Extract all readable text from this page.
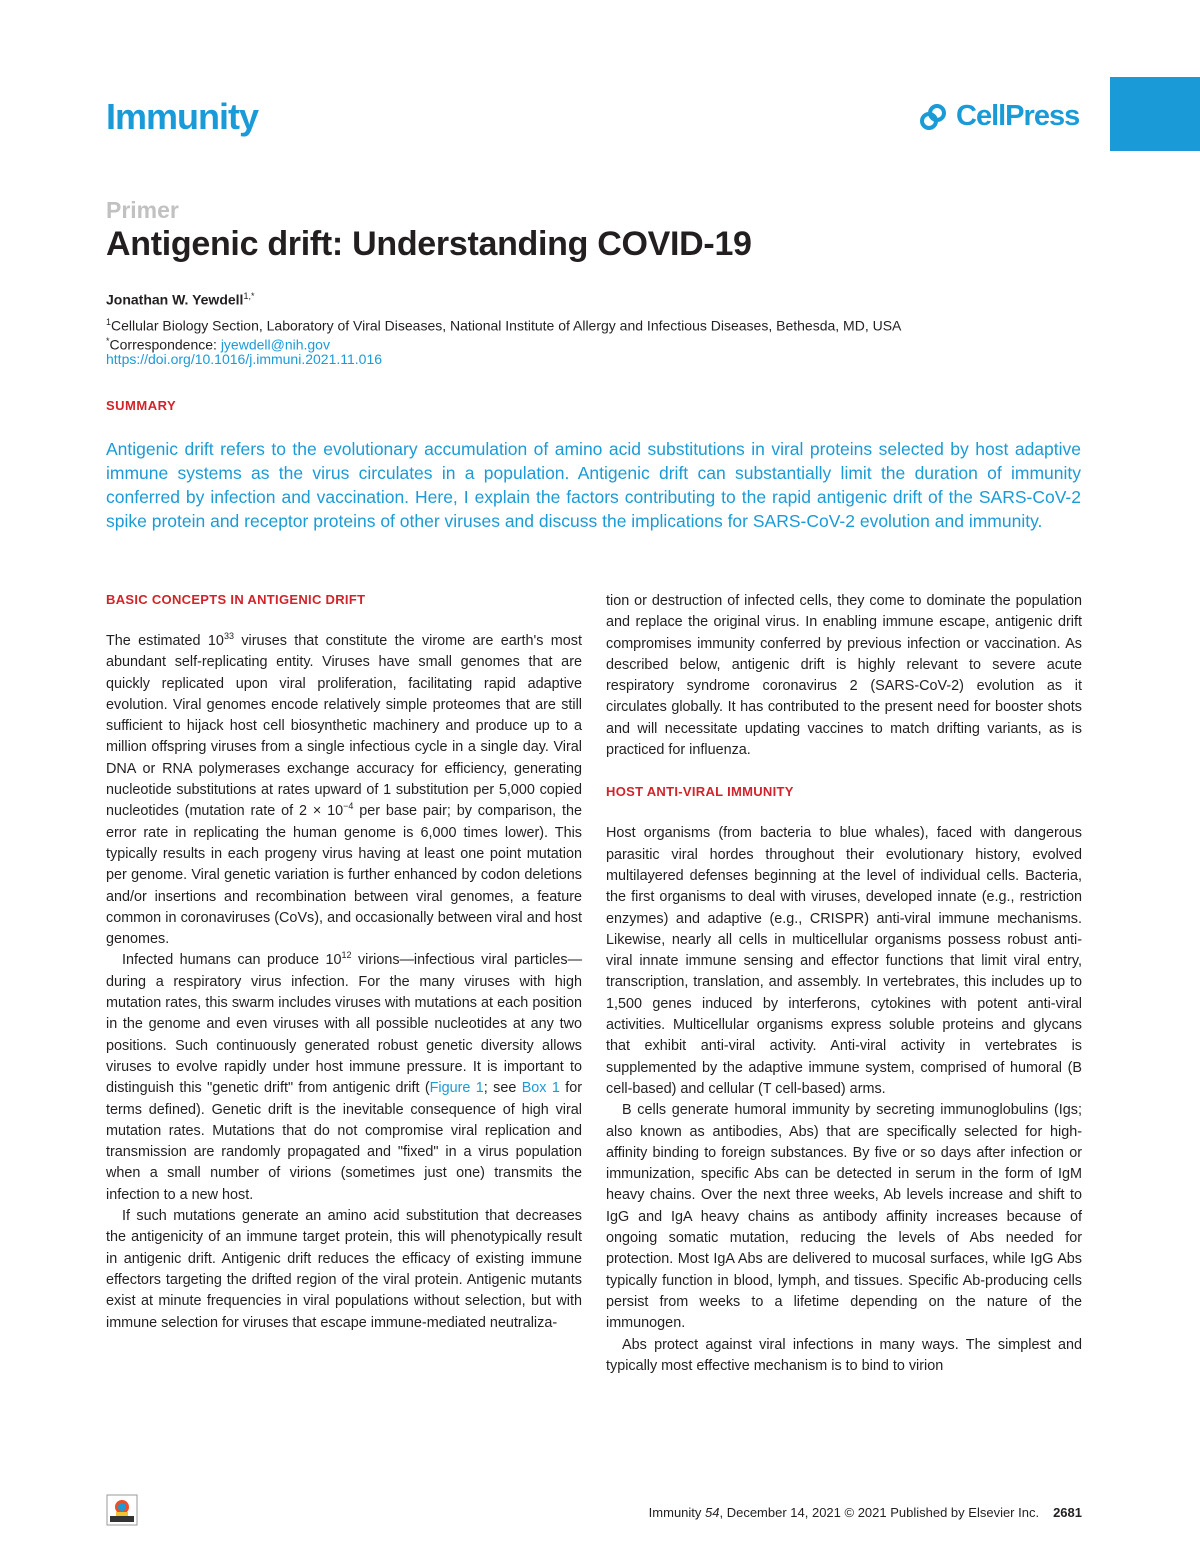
Immunity	CellPress
Primer
Antigenic drift: Understanding COVID-19
Jonathan W. Yewdell$^{1,*}$
$^1$Cellular Biology Section, Laboratory of Viral Diseases, National Institute of Allergy and Infectious Diseases, Bethesda, MD, USA
*Correspondence: jyewdell@nih.gov
https://doi.org/10.1016/j.immuni.2021.11.016
SUMMARY
Antigenic drift refers to the evolutionary accumulation of amino acid substitutions in viral proteins selected by host adaptive immune systems as the virus circulates in a population. Antigenic drift can substantially limit the duration of immunity conferred by infection and vaccination. Here, I explain the factors contributing to the rapid antigenic drift of the SARS-CoV-2 spike protein and receptor proteins of other viruses and discuss the implications for SARS-CoV-2 evolution and immunity.
BASIC CONCEPTS IN ANTIGENIC DRIFT

The estimated $10^{33}$ viruses that constitute the virome are earth's most abundant self-replicating entity. Viruses have small genomes that are quickly replicated upon viral proliferation, facilitating rapid adaptive evolution. Viral genomes encode relatively simple proteomes that are still sufficient to hijack host cell biosynthetic machinery and produce up to a million offspring viruses from a single infectious cycle in a single day. Viral DNA or RNA polymerases exchange accuracy for efficiency, generating nucleotide substitutions at rates upward of 1 substitution per 5,000 copied nucleotides (mutation rate of $2 \times 10^{-4}$ per base pair; by comparison, the error rate in replicating the human genome is 6,000 times lower). This typically results in each progeny virus having at least one point mutation per genome. Viral genetic variation is further enhanced by codon deletions and/or insertions and recombination between viral genomes, a feature common in coronaviruses (CoVs), and occasionally between viral and host genomes.

Infected humans can produce $10^{12}$ virions—infectious viral particles—during a respiratory virus infection. For the many viruses with high mutation rates, this swarm includes viruses with mutations at each position in the genome and even viruses with all possible nucleotides at any two positions. Such continuously generated robust genetic diversity allows viruses to evolve rapidly under host immune pressure. It is important to distinguish this "genetic drift" from antigenic drift (Figure 1; see Box 1 for terms defined). Genetic drift is the inevitable consequence of high viral mutation rates. Mutations that do not compromise viral replication and transmission are randomly propagated and "fixed" in a virus population when a small number of virions (sometimes just one) transmits the infection to a new host.

If such mutations generate an amino acid substitution that decreases the antigenicity of an immune target protein, this will phenotypically result in antigenic drift. Antigenic drift reduces the efficacy of existing immune effectors targeting the drifted region of the viral protein. Antigenic mutants exist at minute frequencies in viral populations without selection, but with immune selection for viruses that escape immune-mediated neutraliza-

tion or destruction of infected cells, they come to dominate the population and replace the original virus. In enabling immune escape, antigenic drift compromises immunity conferred by previous infection or vaccination. As described below, antigenic drift is highly relevant to severe acute respiratory syndrome coronavirus 2 (SARS-CoV-2) evolution as it circulates globally. It has contributed to the present need for booster shots and will necessitate updating vaccines to match drifting variants, as is practiced for influenza.

HOST ANTI-VIRAL IMMUNITY

Host organisms (from bacteria to blue whales), faced with dangerous parasitic viral hordes throughout their evolutionary history, evolved multilayered defenses beginning at the level of individual cells. Bacteria, the first organisms to deal with viruses, developed innate (e.g., restriction enzymes) and adaptive (e.g., CRISPR) anti-viral immune mechanisms. Likewise, nearly all cells in multicellular organisms possess robust anti-viral innate immune sensing and effector functions that limit viral entry, transcription, translation, and assembly. In vertebrates, this includes up to 1,500 genes induced by interferons, cytokines with potent anti-viral activities. Multicellular organisms express soluble proteins and glycans that exhibit anti-viral activity. Anti-viral activity in vertebrates is supplemented by the adaptive immune system, comprised of humoral (B cell-based) and cellular (T cell-based) arms.

B cells generate humoral immunity by secreting immunoglobulins (Igs; also known as antibodies, Abs) that are specifically selected for high-affinity binding to foreign substances. By five or so days after infection or immunization, specific Abs can be detected in serum in the form of IgM heavy chains. Over the next three weeks, Ab levels increase and shift to IgG and IgA heavy chains as antibody affinity increases because of ongoing somatic mutation, reducing the levels of Abs needed for protection. Most IgA Abs are delivered to mucosal surfaces, while IgG Abs typically function in blood, lymph, and tissues. Specific Ab-producing cells persist from weeks to a lifetime depending on the nature of the immunogen.

Abs protect against viral infections in many ways. The simplest and typically most effective mechanism is to bind to virion

Immunity 54, December 14, 2021 © 2021 Published by Elsevier Inc. 2681
